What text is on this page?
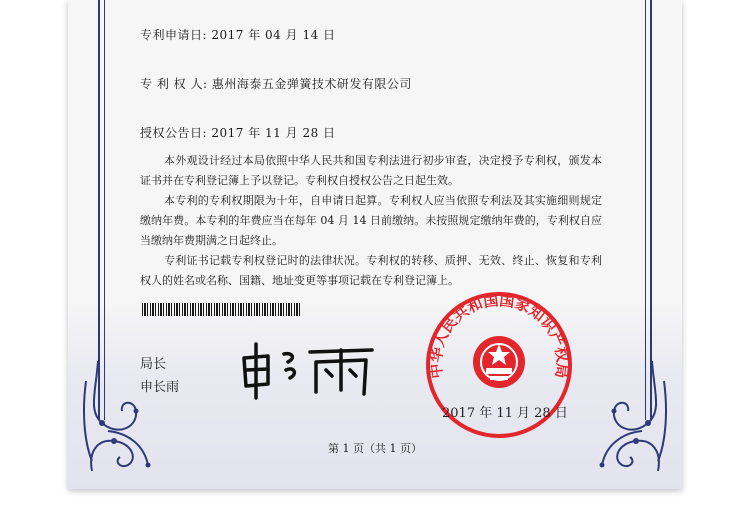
专利申请日: 2017 年 04 月 14 日
专 利 权 人: 惠州海泰五金弹簧技术研发有限公司
授权公告日: 2017 年 11 月 28 日

本外观设计经过本局依照中华人民共和国专利法进行初步审查，决定授予专利权，颁发本证书并在专利登记簿上予以登记。专利权自授权公告之日起生效。

本专利的专利权期限为十年，自申请日起算。专利权人应当依照专利法及其实施细则规定缴纳年费。本专利的年费应当在每年 04 月 14 日前缴纳。未按照规定缴纳年费的，专利权自应当缴纳年费期满之日起终止。

专利证书记载专利权登记时的法律状况。专利权的转移、质押、无效、终止、恢复和专利权人的姓名或名称、国籍、地址变更等事项记载在专利登记簿上。

局长
申长雨
中华人民共和国国家知识产权局
2017 年 11 月 28 日
第 1 页（共 1 页）
